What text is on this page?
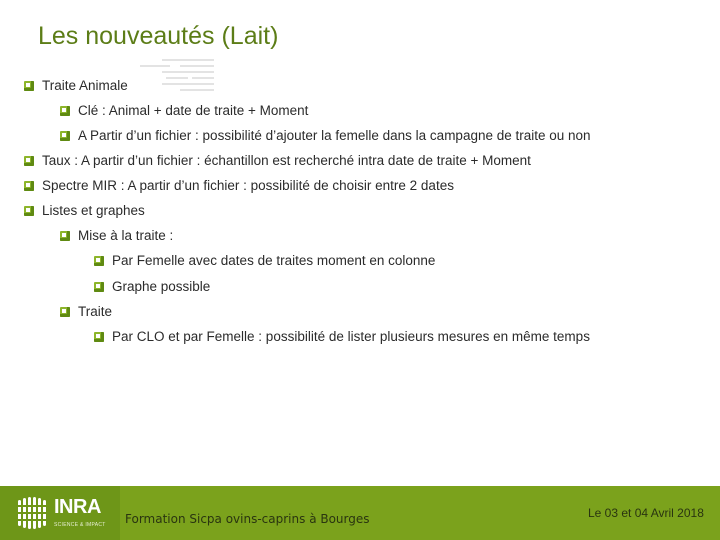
Les nouveautés (Lait)
Traite Animale
Clé : Animal + date de traite + Moment
A Partir d’un fichier : possibilité d’ajouter la femelle dans la campagne de traite ou non
Taux : A partir d’un fichier : échantillon est recherché intra date de traite + Moment
Spectre MIR : A partir d’un fichier : possibilité de choisir entre 2 dates
Listes et graphes
Mise à la traite :
Par Femelle avec dates de traites moment en colonne
Graphe possible
Traite
Par CLO et par Femelle : possibilité de lister plusieurs mesures en même temps
INRA
SCIENCE & IMPACT Formation Sicpa ovins-caprins à Bourges	Le 03 et 04 Avril 2018
